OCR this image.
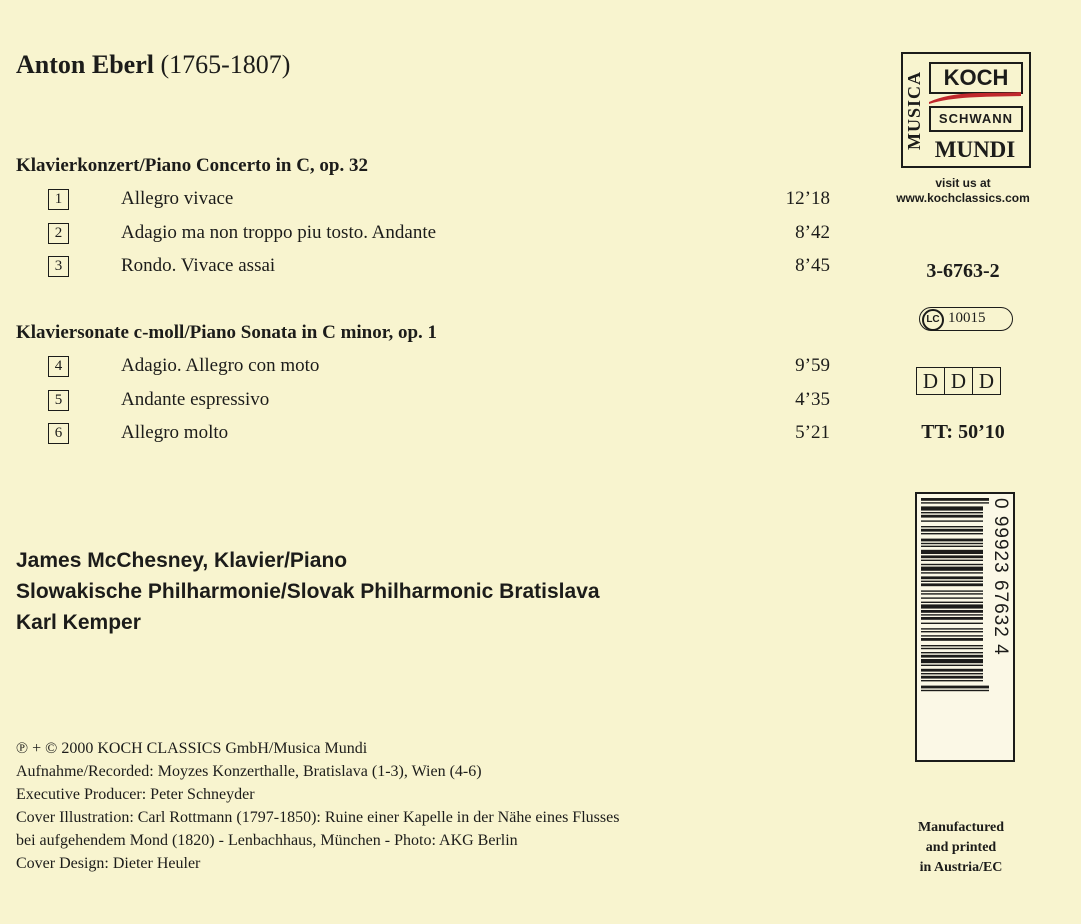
Anton Eberl (1765-1807)
Klavierkonzert/Piano Concerto in C, op. 32
1	Allegro vivace	12’18
2	Adagio ma non troppo piu tosto. Andante	8’42
3	Rondo. Vivace assai	8’45
Klaviersonate c-moll/Piano Sonata in C minor, op. 1
4	Adagio. Allegro con moto	9’59
5	Andante espressivo	4’35
6	Allegro molto	5’21
James McChesney, Klavier/Piano
Slowakische Philharmonie/Slovak Philharmonic Bratislava
Karl Kemper
℗ + © 2000 KOCH CLASSICS GmbH/Musica Mundi
Aufnahme/Recorded: Moyzes Konzerthalle, Bratislava (1-3), Wien (4-6)
Executive Producer: Peter Schneyder
Cover Illustration: Carl Rottmann (1797-1850): Ruine einer Kapelle in der Nähe eines Flusses
bei aufgehendem Mond (1820) - Lenbachhaus, München - Photo: AKG Berlin
Cover Design: Dieter Heuler
MUSICA KOCH
SCHWANN
MUNDI
visit us at
www.kochclassics.com
3-6763-2
LC 10015
D D D
TT: 50’10
0 99923 67632 4
Manufactured
and printed
in Austria/EC
